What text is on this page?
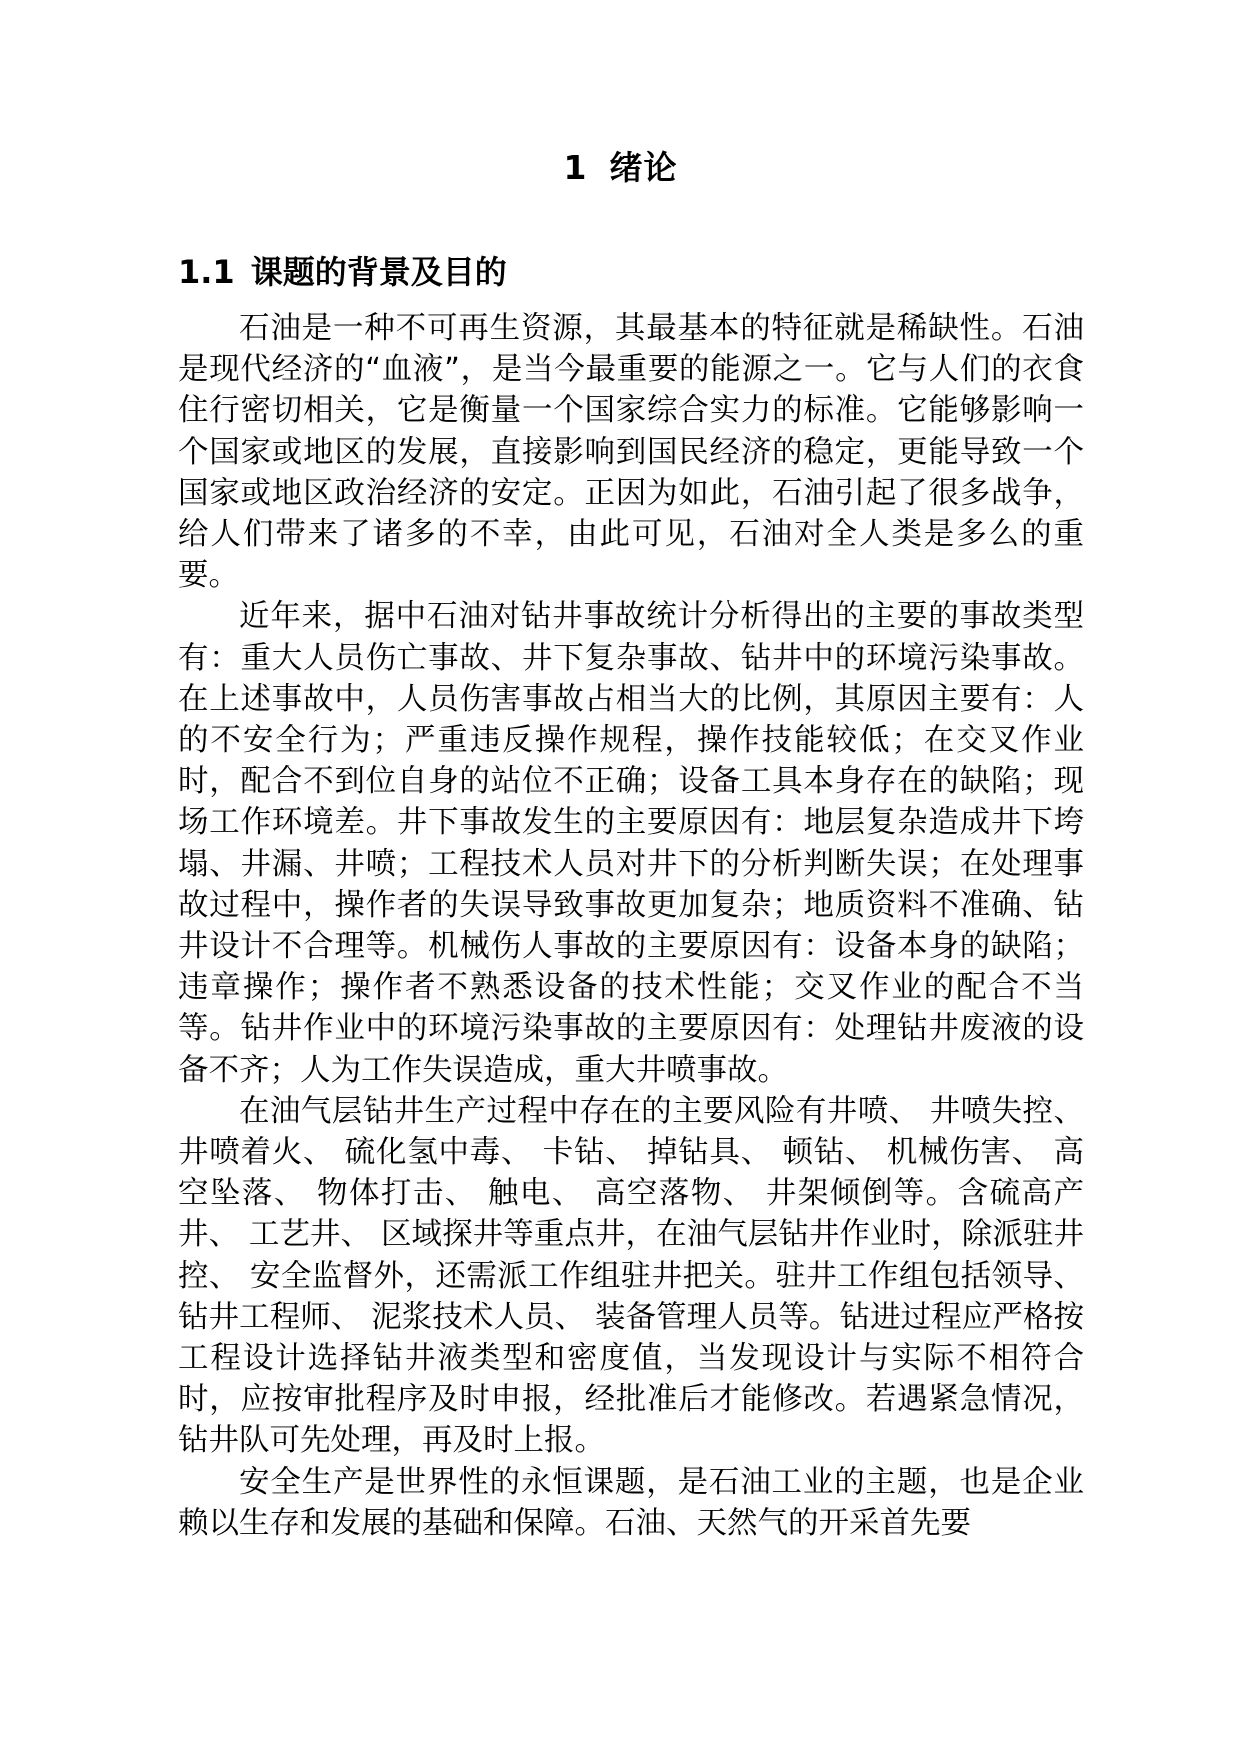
1 绪论
1.1 课题的背景及目的

石油是一种不可再生资源，其最基本的特征就是稀缺性。石油是现代经济的“血液”，是当今最重要的能源之一。它与人们的衣食住行密切相关，它是衡量一个国家综合实力的标准。它能够影响一个国家或地区的发展，直接影响到国民经济的稳定，更能导致一个国家或地区政治经济的安定。正因为如此，石油引起了很多战争，给人们带来了诸多的不幸，由此可见，石油对全人类是多么的重要。

近年来，据中石油对钻井事故统计分析得出的主要的事故类型有：重大人员伤亡事故、井下复杂事故、钻井中的环境污染事故。在上述事故中，人员伤害事故占相当大的比例，其原因主要有：人的不安全行为；严重违反操作规程，操作技能较低；在交叉作业时，配合不到位自身的站位不正确；设备工具本身存在的缺陷；现场工作环境差。井下事故发生的主要原因有：地层复杂造成井下垮塌、井漏、井喷；工程技术人员对井下的分析判断失误；在处理事故过程中，操作者的失误导致事故更加复杂；地质资料不准确、钻井设计不合理等。机械伤人事故的主要原因有：设备本身的缺陷；违章操作；操作者不熟悉设备的技术性能；交叉作业的配合不当等。钻井作业中的环境污染事故的主要原因有：处理钻井废液的设备不齐；人为工作失误造成，重大井喷事故。

在油气层钻井生产过程中存在的主要风险有井喷、 井喷失控、 井喷着火、 硫化氢中毒、 卡钻、 掉钻具、 顿钻、 机械伤害、 高空坠落、 物体打击、 触电、 高空落物、 井架倾倒等。含硫高产井、 工艺井、 区域探井等重点井，在油气层钻井作业时，除派驻井控、 安全监督外，还需派工作组驻井把关。驻井工作组包括领导、 钻井工程师、 泥浆技术人员、 装备管理人员等。钻进过程应严格按工程设计选择钻井液类型和密度值，当发现设计与实际不相符合时，应按审批程序及时申报，经批准后才能修改。若遇紧急情况，钻井队可先处理，再及时上报。

安全生产是世界性的永恒课题，是石油工业的主题，也是企业赖以生存和发展的基础和保障。石油、天然气的开采首先要
